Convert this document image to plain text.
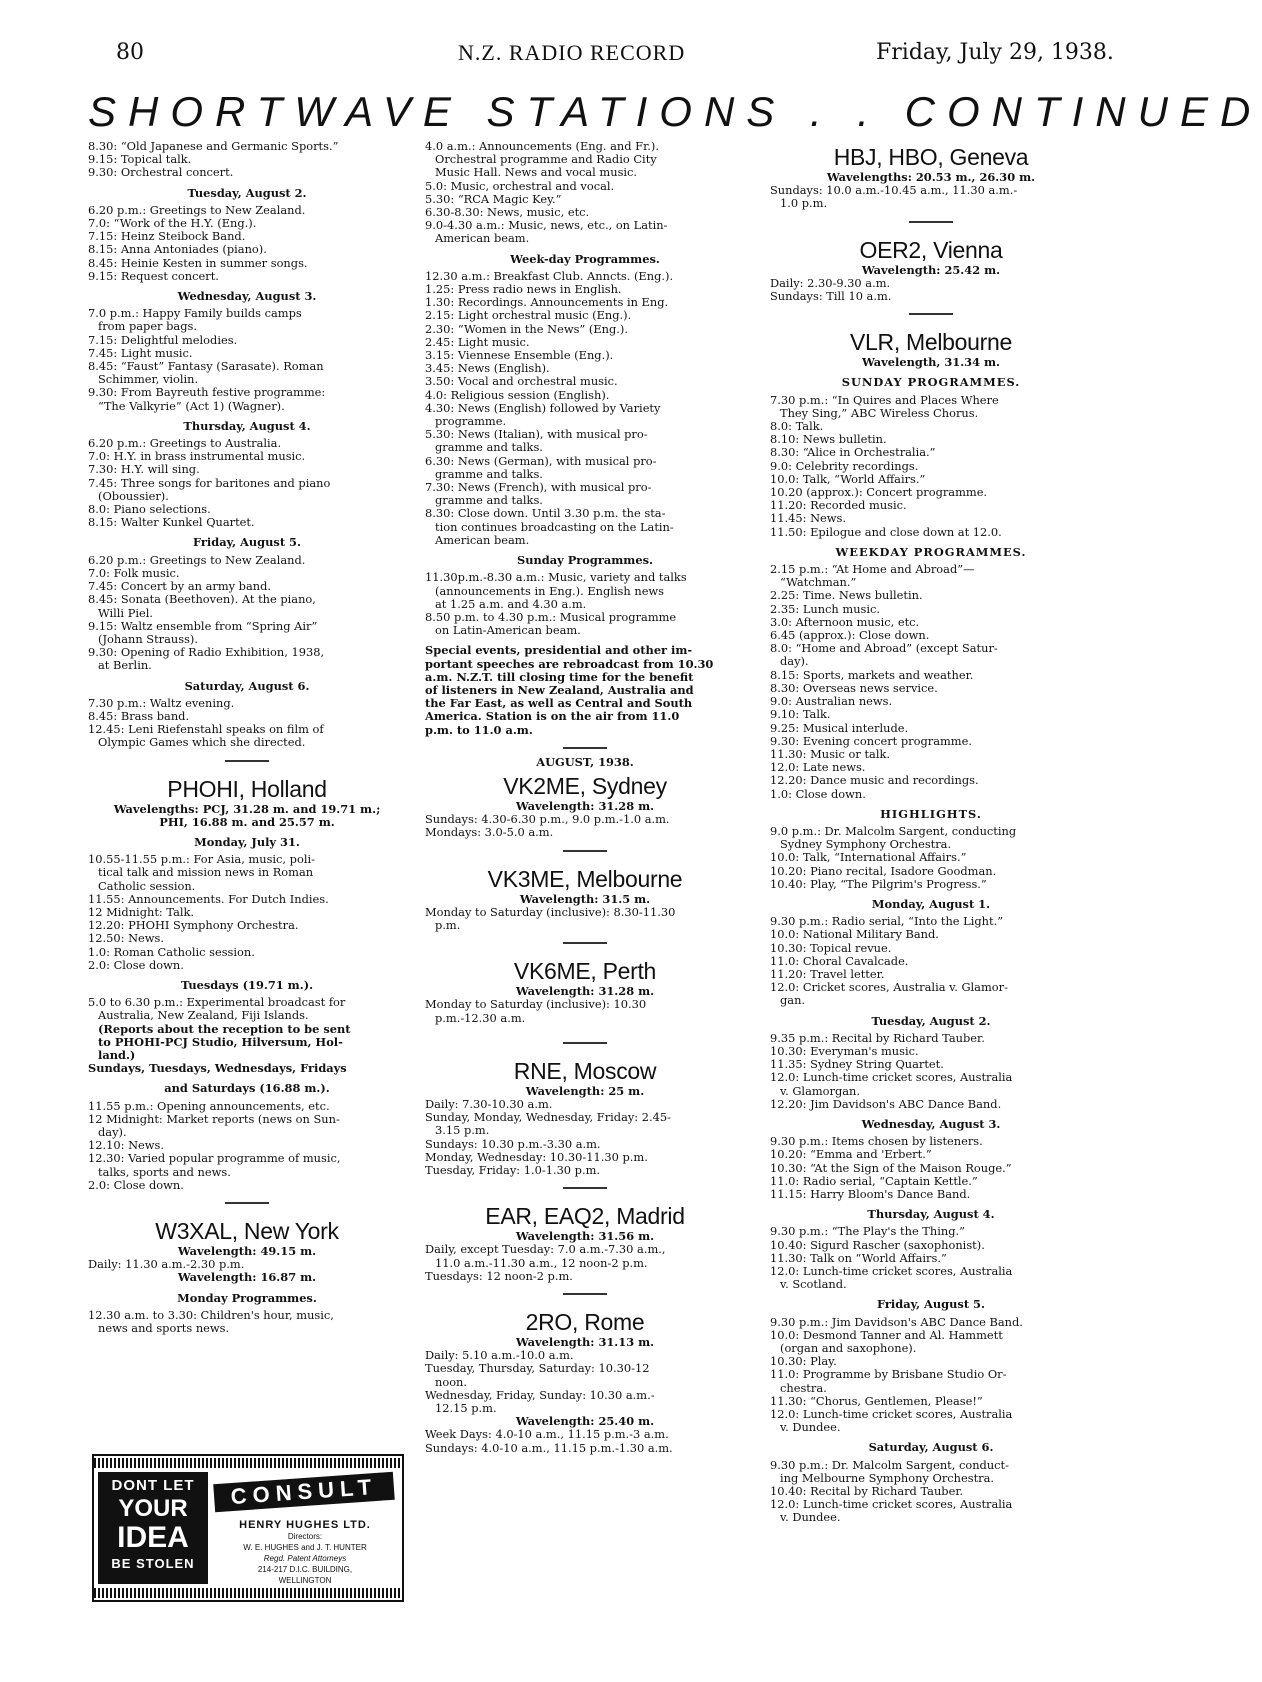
80	N.Z. RADIO RECORD	Friday, July 29, 1938.
SHORTWAVE STATIONS . . CONTINUED
8.30: “Old Japanese and Germanic Sports.”
9.15: Topical talk.
9.30: Orchestral concert.
Tuesday, August 2.
6.20 p.m.: Greetings to New Zealand.
7.0: “Work of the H.Y. (Eng.).
7.15: Heinz Steibock Band.
8.15: Anna Antoniades (piano).
8.45: Heinie Kesten in summer songs.
9.15: Request concert.
Wednesday, August 3.
7.0 p.m.: Happy Family builds camps
from paper bags.
7.15: Delightful melodies.
7.45: Light music.
8.45: “Faust” Fantasy (Sarasate). Roman
Schimmer, violin.
9.30: From Bayreuth festive programme:
“The Valkyrie” (Act 1) (Wagner).
Thursday, August 4.
6.20 p.m.: Greetings to Australia.
7.0: H.Y. in brass instrumental music.
7.30: H.Y. will sing.
7.45: Three songs for baritones and piano
(Oboussier).
8.0: Piano selections.
8.15: Walter Kunkel Quartet.
Friday, August 5.
6.20 p.m.: Greetings to New Zealand.
7.0: Folk music.
7.45: Concert by an army band.
8.45: Sonata (Beethoven). At the piano,
Willi Piel.
9.15: Waltz ensemble from “Spring Air”
(Johann Strauss).
9.30: Opening of Radio Exhibition, 1938,
at Berlin.
Saturday, August 6.
7.30 p.m.: Waltz evening.
8.45: Brass band.
12.45: Leni Riefenstahl speaks on film of
Olympic Games which she directed.
PHOHI, Holland
Wavelengths: PCJ, 31.28 m. and 19.71 m.;
PHI, 16.88 m. and 25.57 m.
Monday, July 31.
10.55-11.55 p.m.: For Asia, music, poli-
tical talk and mission news in Roman
Catholic session.
11.55: Announcements. For Dutch Indies.
12 Midnight: Talk.
12.20: PHOHI Symphony Orchestra.
12.50: News.
1.0: Roman Catholic session.
2.0: Close down.
Tuesdays (19.71 m.).
5.0 to 6.30 p.m.: Experimental broadcast for
Australia, New Zealand, Fiji Islands.
(Reports about the reception to be sent
to PHOHI-PCJ Studio, Hilversum, Hol-
land.)
Sundays, Tuesdays, Wednesdays, Fridays
and Saturdays (16.88 m.).
11.55 p.m.: Opening announcements, etc.
12 Midnight: Market reports (news on Sun-
day).
12.10: News.
12.30: Varied popular programme of music,
talks, sports and news.
2.0: Close down.
W3XAL, New York
Wavelength: 49.15 m.
Daily: 11.30 a.m.-2.30 p.m.
Wavelength: 16.87 m.
Monday Programmes.
12.30 a.m. to 3.30: Children's hour, music,
news and sports news.
4.0 a.m.: Announcements (Eng. and Fr.).
Orchestral programme and Radio City
Music Hall. News and vocal music.
5.0: Music, orchestral and vocal.
5.30: “RCA Magic Key.”
6.30-8.30: News, music, etc.
9.0-4.30 a.m.: Music, news, etc., on Latin-
American beam.
Week-day Programmes.
12.30 a.m.: Breakfast Club. Anncts. (Eng.).
1.25: Press radio news in English.
1.30: Recordings. Announcements in Eng.
2.15: Light orchestral music (Eng.).
2.30: “Women in the News” (Eng.).
2.45: Light music.
3.15: Viennese Ensemble (Eng.).
3.45: News (English).
3.50: Vocal and orchestral music.
4.0: Religious session (English).
4.30: News (English) followed by Variety
programme.
5.30: News (Italian), with musical pro-
gramme and talks.
6.30: News (German), with musical pro-
gramme and talks.
7.30: News (French), with musical pro-
gramme and talks.
8.30: Close down. Until 3.30 p.m. the sta-
tion continues broadcasting on the Latin-
American beam.
Sunday Programmes.
11.30p.m.-8.30 a.m.: Music, variety and talks
(announcements in Eng.). English news
at 1.25 a.m. and 4.30 a.m.
8.50 p.m. to 4.30 p.m.: Musical programme
on Latin-American beam.
Special events, presidential and other im-
portant speeches are rebroadcast from 10.30
a.m. N.Z.T. till closing time for the benefit
of listeners in New Zealand, Australia and
the Far East, as well as Central and South
America. Station is on the air from 11.0
p.m. to 11.0 a.m.
AUGUST, 1938.
VK2ME, Sydney
Wavelength: 31.28 m.
Sundays: 4.30-6.30 p.m., 9.0 p.m.-1.0 a.m.
Mondays: 3.0-5.0 a.m.
VK3ME, Melbourne
Wavelength: 31.5 m.
Monday to Saturday (inclusive): 8.30-11.30
p.m.
VK6ME, Perth
Wavelength: 31.28 m.
Monday to Saturday (inclusive): 10.30
p.m.-12.30 a.m.
RNE, Moscow
Wavelength: 25 m.
Daily: 7.30-10.30 a.m.
Sunday, Monday, Wednesday, Friday: 2.45-
3.15 p.m.
Sundays: 10.30 p.m.-3.30 a.m.
Monday, Wednesday: 10.30-11.30 p.m.
Tuesday, Friday: 1.0-1.30 p.m.
EAR, EAQ2, Madrid
Wavelength: 31.56 m.
Daily, except Tuesday: 7.0 a.m.-7.30 a.m.,
11.0 a.m.-11.30 a.m., 12 noon-2 p.m.
Tuesdays: 12 noon-2 p.m.
2RO, Rome
Wavelength: 31.13 m.
Daily: 5.10 a.m.-10.0 a.m.
Tuesday, Thursday, Saturday: 10.30-12
noon.
Wednesday, Friday, Sunday: 10.30 a.m.-
12.15 p.m.
Wavelength: 25.40 m.
Week Days: 4.0-10 a.m., 11.15 p.m.-3 a.m.
Sundays: 4.0-10 a.m., 11.15 p.m.-1.30 a.m.
HBJ, HBO, Geneva
Wavelengths: 20.53 m., 26.30 m.
Sundays: 10.0 a.m.-10.45 a.m., 11.30 a.m.-
1.0 p.m.
OER2, Vienna
Wavelength: 25.42 m.
Daily: 2.30-9.30 a.m.
Sundays: Till 10 a.m.
VLR, Melbourne
Wavelength, 31.34 m.
SUNDAY PROGRAMMES.
7.30 p.m.: “In Quires and Places Where
They Sing,” ABC Wireless Chorus.
8.0: Talk.
8.10: News bulletin.
8.30: “Alice in Orchestralia.”
9.0: Celebrity recordings.
10.0: Talk, “World Affairs.”
10.20 (approx.): Concert programme.
11.20: Recorded music.
11.45: News.
11.50: Epilogue and close down at 12.0.
WEEKDAY PROGRAMMES.
2.15 p.m.: “At Home and Abroad”—
“Watchman.”
2.25: Time. News bulletin.
2.35: Lunch music.
3.0: Afternoon music, etc.
6.45 (approx.): Close down.
8.0: “Home and Abroad” (except Satur-
day).
8.15: Sports, markets and weather.
8.30: Overseas news service.
9.0: Australian news.
9.10: Talk.
9.25: Musical interlude.
9.30: Evening concert programme.
11.30: Music or talk.
12.0: Late news.
12.20: Dance music and recordings.
1.0: Close down.
HIGHLIGHTS.
9.0 p.m.: Dr. Malcolm Sargent, conducting
Sydney Symphony Orchestra.
10.0: Talk, “International Affairs.”
10.20: Piano recital, Isadore Goodman.
10.40: Play, “The Pilgrim's Progress.”
Monday, August 1.
9.30 p.m.: Radio serial, “Into the Light.”
10.0: National Military Band.
10.30: Topical revue.
11.0: Choral Cavalcade.
11.20: Travel letter.
12.0: Cricket scores, Australia v. Glamor-
gan.
Tuesday, August 2.
9.35 p.m.: Recital by Richard Tauber.
10.30: Everyman's music.
11.35: Sydney String Quartet.
12.0: Lunch-time cricket scores, Australia
v. Glamorgan.
12.20: Jim Davidson's ABC Dance Band.
Wednesday, August 3.
9.30 p.m.: Items chosen by listeners.
10.20: “Emma and 'Erbert.”
10.30: “At the Sign of the Maison Rouge.”
11.0: Radio serial, “Captain Kettle.”
11.15: Harry Bloom's Dance Band.
Thursday, August 4.
9.30 p.m.: “The Play's the Thing.”
10.40: Sigurd Rascher (saxophonist).
11.30: Talk on “World Affairs.”
12.0: Lunch-time cricket scores, Australia
v. Scotland.
Friday, August 5.
9.30 p.m.: Jim Davidson's ABC Dance Band.
10.0: Desmond Tanner and Al. Hammett
(organ and saxophone).
10.30: Play.
11.0: Programme by Brisbane Studio Or-
chestra.
11.30: “Chorus, Gentlemen, Please!”
12.0: Lunch-time cricket scores, Australia
v. Dundee.
Saturday, August 6.
9.30 p.m.: Dr. Malcolm Sargent, conduct-
ing Melbourne Symphony Orchestra.
10.40: Recital by Richard Tauber.
12.0: Lunch-time cricket scores, Australia
v. Dundee.
DONT LET
YOUR
IDEA
BE STOLEN
CONSULT
HENRY HUGHES LTD.
Directors:
W. E. HUGHES and J. T. HUNTER
Regd. Patent Attorneys
214-217 D.I.C. BUILDING,
WELLINGTON
